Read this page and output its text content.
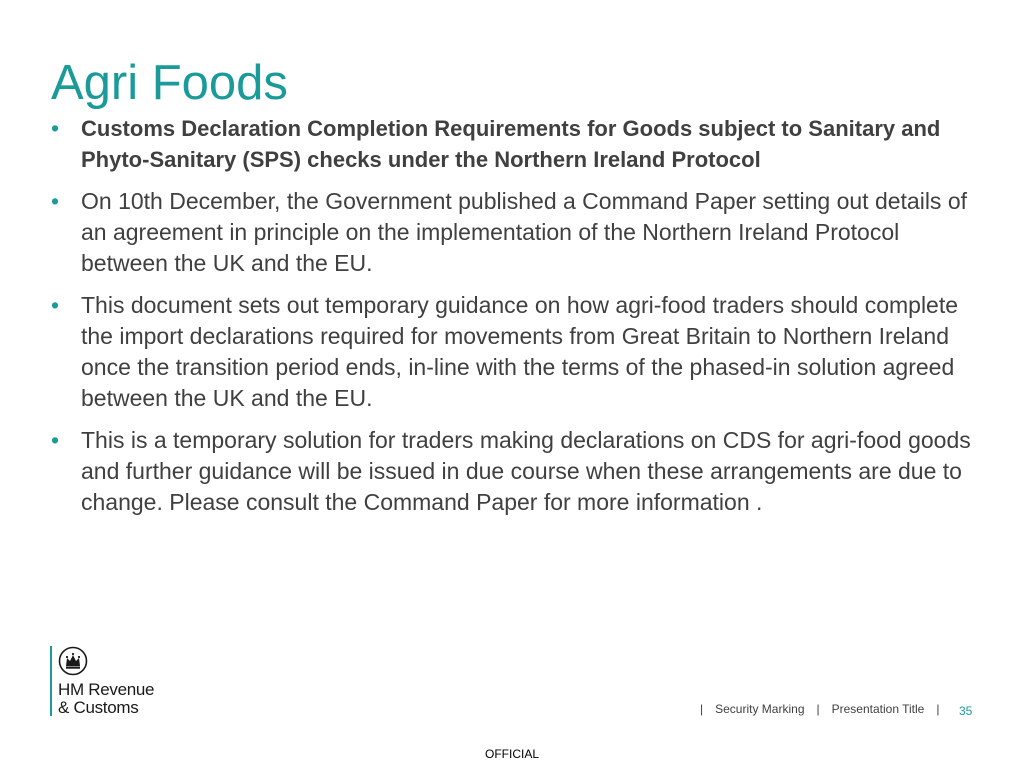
Agri Foods
• Customs Declaration Completion Requirements for Goods subject to Sanitary and Phyto-Sanitary (SPS) checks under the Northern Ireland Protocol
• On 10th December, the Government published a Command Paper setting out details of an agreement in principle on the implementation of the Northern Ireland Protocol between the UK and the EU.
• This document sets out temporary guidance on how agri-food traders should complete the import declarations required for movements from Great Britain to Northern Ireland once the transition period ends, in-line with the terms of the phased-in solution agreed between the UK and the EU.
• This is a temporary solution for traders making declarations on CDS for agri-food goods and further guidance will be issued in due course when these arrangements are due to change. Please consult the Command Paper for more information .
HM Revenue
& Customs	| Security Marking | Presentation Title | 35
OFFICIAL
